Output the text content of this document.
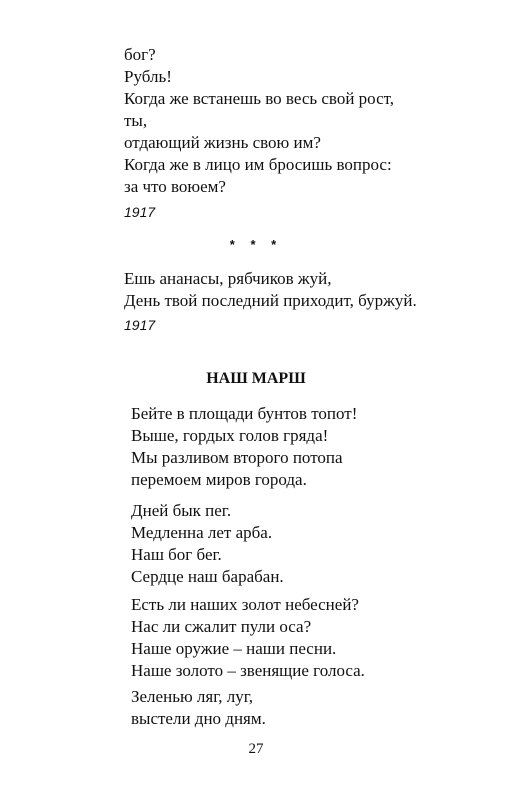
бог?
Рубль!
Когда же встанешь во весь свой рост,
ты,
отдающий жизнь свою им?
Когда же в лицо им бросишь вопрос:
за что воюем?
1917
* * *
Ешь ананасы, рябчиков жуй,
День твой последний приходит, буржуй.
1917
НАШ МАРШ
Бейте в площади бунтов топот!
Выше, гордых голов гряда!
Мы разливом второго потопа
перемоем миров города.
Дней бык пег.
Медленна лет арба.
Наш бог бег.
Сердце наш барабан.
Есть ли наших золот небесней?
Нас ли сжалит пули оса?
Наше оружие – наши песни.
Наше золото – звенящие голоса.
Зеленью ляг, луг,
выстели дно дням.
27
